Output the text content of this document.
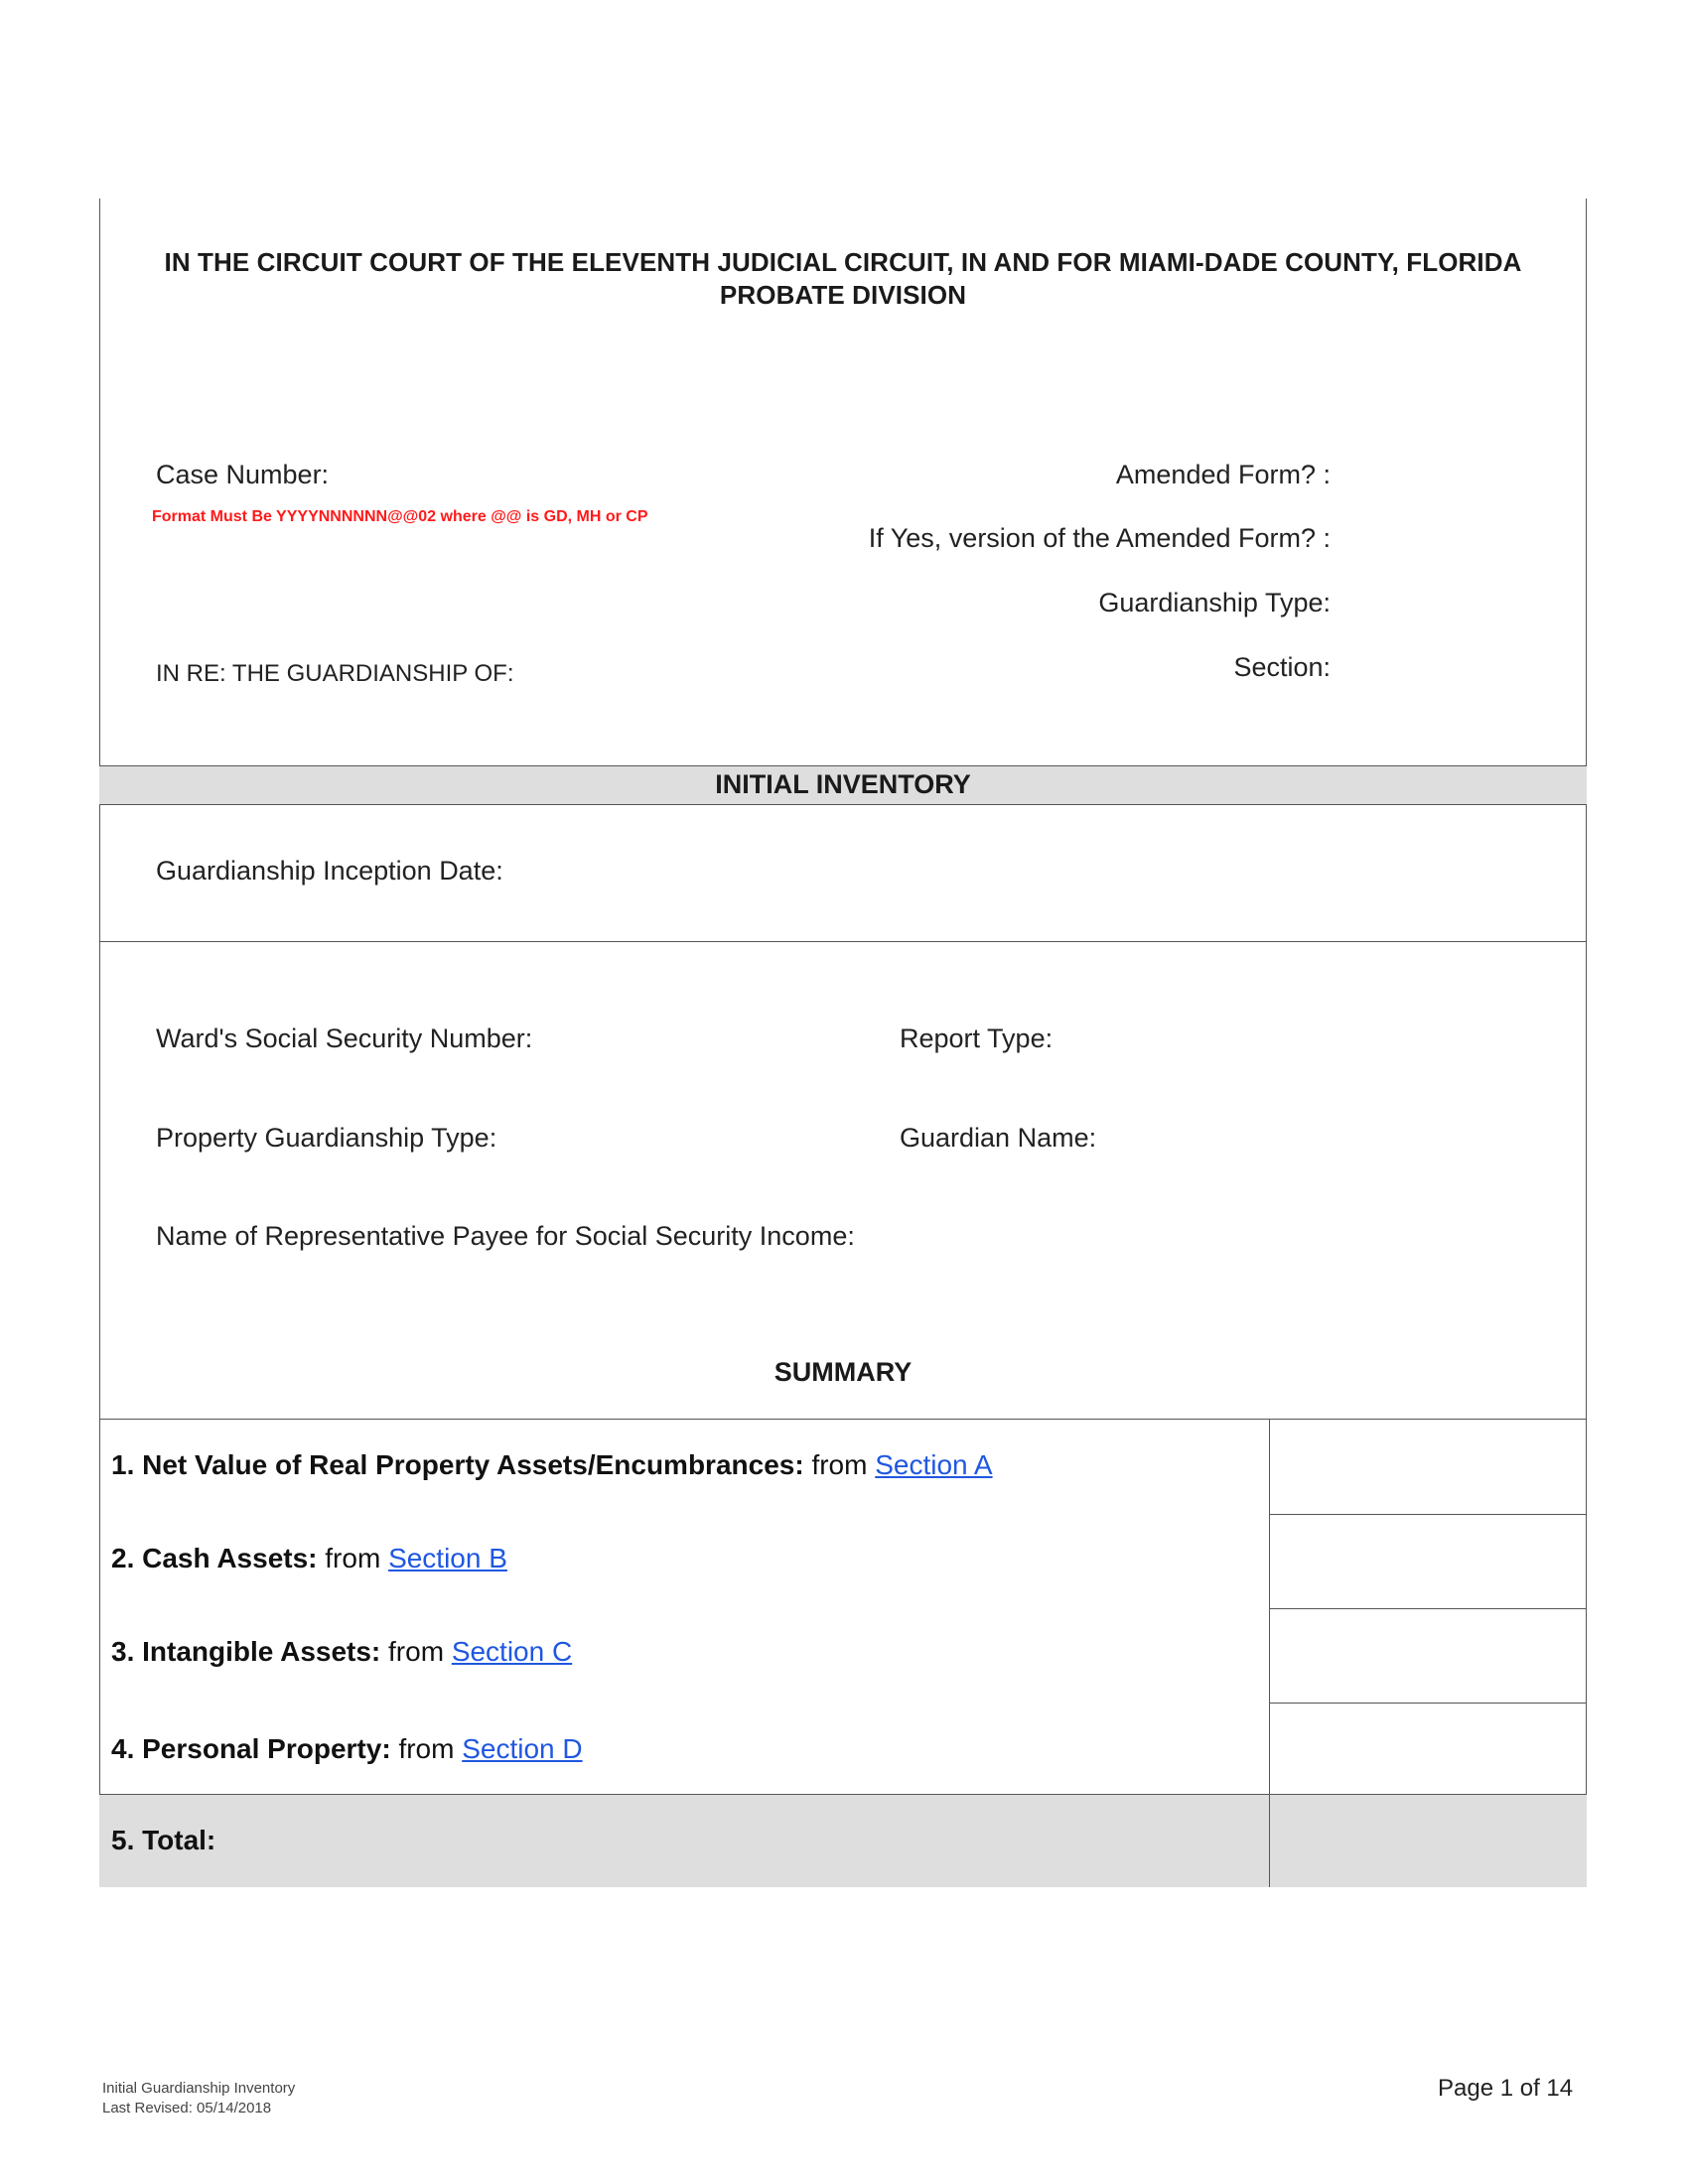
IN THE CIRCUIT COURT OF THE ELEVENTH JUDICIAL CIRCUIT, IN AND FOR MIAMI-DADE COUNTY, FLORIDA
PROBATE DIVISION
Case Number:
Format Must Be YYYYNNNNNN@@02 where @@ is GD, MH or CP
Amended Form? :
If Yes, version of the Amended Form? :
Guardianship Type:
IN RE: THE GUARDIANSHIP OF:	Section:
INITIAL INVENTORY
Guardianship Inception Date:
Ward's Social Security Number:	Report Type:
Property Guardianship Type:	Guardian Name:
Name of Representative Payee for Social Security Income:
SUMMARY
1. Net Value of Real Property Assets/Encumbrances: from Section A
2. Cash Assets: from Section B
3. Intangible Assets: from Section C
4. Personal Property: from Section D
5. Total:
Initial Guardianship Inventory
Last Revised: 05/14/2018
Page 1 of 14
